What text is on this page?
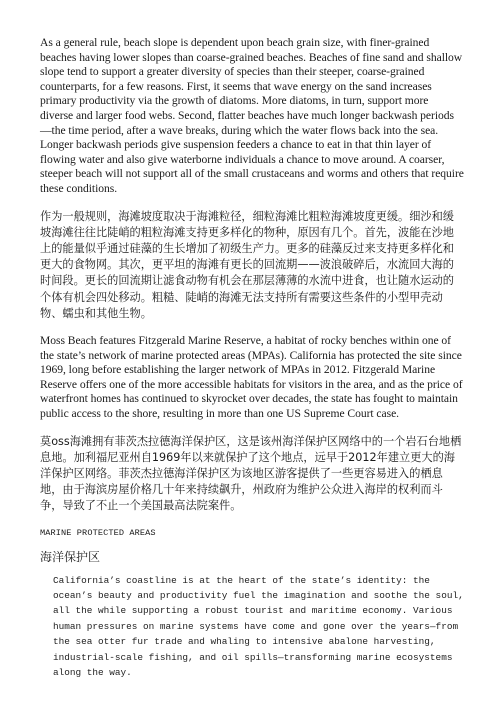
As a general rule, beach slope is dependent upon beach grain size, with finer-grained beaches having lower slopes than coarse-grained beaches. Beaches of fine sand and shallow slope tend to support a greater diversity of species than their steeper, coarse-grained counterparts, for a few reasons. First, it seems that wave energy on the sand increases primary productivity via the growth of diatoms. More diatoms, in turn, support more diverse and larger food webs. Second, flatter beaches have much longer backwash periods—the time period, after a wave breaks, during which the water flows back into the sea. Longer backwash periods give suspension feeders a chance to eat in that thin layer of flowing water and also give waterborne individuals a chance to move around. A coarser, steeper beach will not support all of the small crustaceans and worms and others that require these conditions.

作为一般规则，海滩坡度取决于海滩粒径，细粒海滩比粗粒海滩坡度更缓。细沙和缓坡海滩往往比陡峭的粗粒海滩支持更多样化的物种，原因有几个。首先，波能在沙地上的能量似乎通过硅藻的生长增加了初级生产力。更多的硅藻反过来支持更多样化和更大的食物网。其次，更平坦的海滩有更长的回流期——波浪破碎后，水流回大海的时间段。更长的回流期让滤食动物有机会在那层薄薄的水流中进食，也让随水运动的个体有机会四处移动。粗糙、陡峭的海滩无法支持所有需要这些条件的小型甲壳动物、蠕虫和其他生物。

Moss Beach features Fitzgerald Marine Reserve, a habitat of rocky benches within one of the state’s network of marine protected areas (MPAs). California has protected the site since 1969, long before establishing the larger network of MPAs in 2012. Fitzgerald Marine Reserve offers one of the more accessible habitats for visitors in the area, and as the price of waterfront homes has continued to skyrocket over decades, the state has fought to maintain public access to the shore, resulting in more than one US Supreme Court case.

莫oss海滩拥有菲茨杰拉德海洋保护区，这是该州海洋保护区网络中的一个岩石台地栖息地。加利福尼亚州自1969年以来就保护了这个地点，远早于2012年建立更大的海洋保护区网络。菲茨杰拉德海洋保护区为该地区游客提供了一些更容易进入的栖息地，由于海滨房屋价格几十年来持续飙升，州政府为维护公众进入海岸的权利而斗争，导致了不止一个美国最高法院案件。

MARINE PROTECTED AREAS
海洋保护区
California’s coastline is at the heart of the state’s identity: the ocean’s beauty and productivity fuel the imagination and soothe the soul, all the while supporting a robust tourist and maritime economy. Various human pressures on marine systems have come and gone over the years—from the sea otter fur trade and whaling to intensive abalone harvesting, industrial-scale fishing, and oil spills—transforming marine ecosystems along the way.
